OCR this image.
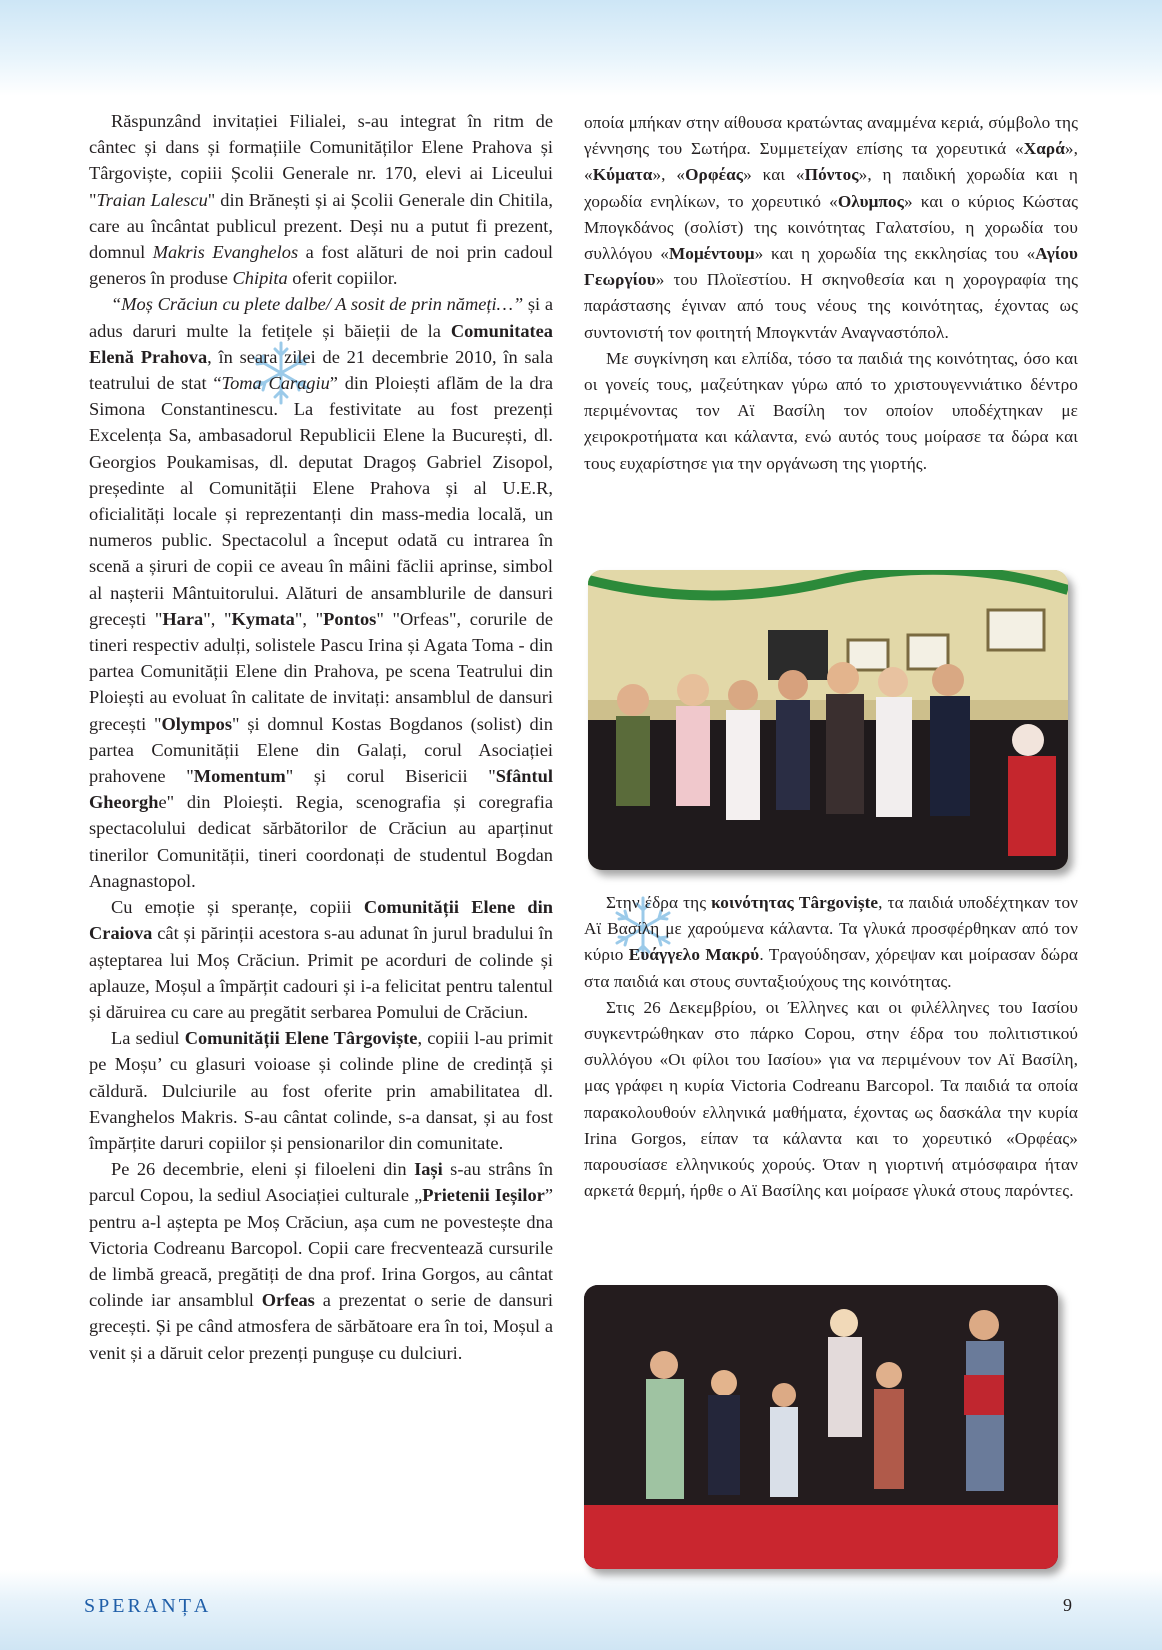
Răspunzând invitației Filialei, s-au integrat în ritm de cântec și dans și formațiile Comunităților Elene Prahova și Târgoviște, copiii Școlii Generale nr. 170, elevi ai Liceului "Traian Lalescu" din Brănești și ai Școlii Generale din Chitila, care au încântat publicul prezent. Deși nu a putut fi prezent, domnul Makris Evanghelos a fost alături de noi prin cadoul generos în produse Chipita oferit copiilor.

“Moș Crăciun cu plete dalbe/ A sosit de prin nămeți…” și a adus daruri multe la fetițele și băieții de la Comunitatea Elenă Prahova, în seara zilei de 21 decembrie 2010, în sala teatrului de stat “Toma Caragiu” din Ploiești aflăm de la dra Simona Constantinescu. La festivitate au fost prezenți Excelența Sa, ambasadorul Republicii Elene la București, dl. Georgios Poukamisas, dl. deputat Dragoș Gabriel Zisopol, președinte al Comunității Elene Prahova și al U.E.R, oficialități locale și reprezentanți din mass-media locală, un numeros public. Spectacolul a început odată cu intrarea în scenă a șiruri de copii ce aveau în mâini făclii aprinse, simbol al nașterii Mântuitorului. Alături de ansamblurile de dansuri grecești "Hara", "Kymata", "Pontos" "Orfeas", corurile de tineri respectiv adulți, solistele Pascu Irina și Agata Toma - din partea Comunității Elene din Prahova, pe scena Teatrului din Ploiești au evoluat în calitate de invitați: ansamblul de dansuri grecești "Olympos" și domnul Kostas Bogdanos (solist) din partea Comunității Elene din Galați, corul Asociației prahovene "Momentum" și corul Bisericii "Sfântul Gheorghe" din Ploiești. Regia, scenografia și coregrafia spectacolului dedicat sărbătorilor de Crăciun au aparținut tinerilor Comunității, tineri coordonați de studentul Bogdan Anagnastopol.

Cu emoție și speranțe, copiii Comunității Elene din Craiova cât și părinții acestora s-au adunat în jurul bradului în așteptarea lui Moș Crăciun. Primit pe acorduri de colinde și aplauze, Moșul a împărțit cadouri și i-a felicitat pentru talentul și dăruirea cu care au pregătit serbarea Pomului de Crăciun.

La sediul Comunității Elene Târgoviște, copiii l-au primit pe Moșu’ cu glasuri voioase și colinde pline de credință și căldură. Dulciurile au fost oferite prin amabilitatea dl. Evanghelos Makris. S-au cântat colinde, s-a dansat, și au fost împărțite daruri copiilor și pensionarilor din comunitate.

Pe 26 decembrie, eleni și filoeleni din Iași s-au strâns în parcul Copou, la sediul Asociației culturale „Prietenii Ieșilor” pentru a-l aștepta pe Moș Crăciun, așa cum ne povestește dna Victoria Codreanu Barcopol. Copii care frecventează cursurile de limbă greacă, pregătiți de dna prof. Irina Gorgos, au cântat colinde iar ansamblul Orfeas a prezentat o serie de dansuri grecești. Și pe când atmosfera de sărbătoare era în toi, Moșul a venit și a dăruit celor prezenți pungușe cu dulciuri.

οποία μπήκαν στην αίθουσα κρατώντας αναμμένα κεριά, σύμβολο της γέννησης του Σωτήρα. Συμμετείχαν επίσης τα χορευτικά «Χαρά», «Κύματα», «Ορφέας» και «Πόντος», η παιδική χορωδία και η χορωδία ενηλίκων, το χορευτικό «Ολυμπος» και ο κύριος Κώστας Μπογκδάνος (σολίστ) της κοινότητας Γαλατσίου, η χορωδία του συλλόγου «Μομέντουμ» και η χορωδία της εκκλησίας του «Αγίου Γεωργίου» του Πλοϊεστίου. Η σκηνοθεσία και η χορογραφία της παράστασης έγιναν από τους νέους της κοινότητας, έχοντας ως συντονιστή τον φοιτητή Μπογκντάν Αναγναστόπολ.

Με συγκίνηση και ελπίδα, τόσο τα παιδιά της κοινότητας, όσο και οι γονείς τους, μαζεύτηκαν γύρω από το χριστουγεννιάτικο δέντρο περιμένοντας τον Αϊ Βασίλη τον οποίον υποδέχτηκαν με χειροκροτήματα και κάλαντα, ενώ αυτός τους μοίρασε τα δώρα και τους ευχαρίστησε για την οργάνωση της γιορτής.

Στην έδρα της κοινότητας Târgoviște, τα παιδιά υποδέχτηκαν τον Αϊ Βασίλη με χαρούμενα κάλαντα. Τα γλυκά προσφέρθηκαν από τον κύριο Ευάγγελο Μακρύ. Τραγούδησαν, χόρεψαν και μοίρασαν δώρα στα παιδιά και στους συνταξιούχους της κοινότητας.

Στις 26 Δεκεμβρίου, οι Έλληνες και οι φιλέλληνες του Ιασίου συγκεντρώθηκαν στο πάρκο Copou, στην έδρα του πολιτιστικού συλλόγου «Οι φίλοι του Ιασίου» για να περιμένουν τον Αϊ Βασίλη, μας γράφει η κυρία Victoria Codreanu Barcopol. Τα παιδιά τα οποία παρακολουθούν ελληνικά μαθήματα, έχοντας ως δασκάλα την κυρία Irina Gorgos, είπαν τα κάλαντα και το χορευτικό «Ορφέας» παρουσίασε ελληνικούς χορούς. Όταν η γιορτινή ατμόσφαιρα ήταν αρκετά θερμή, ήρθε ο Αϊ Βασίλης και μοίρασε γλυκά στους παρόντες.

SPERANȚA	9
